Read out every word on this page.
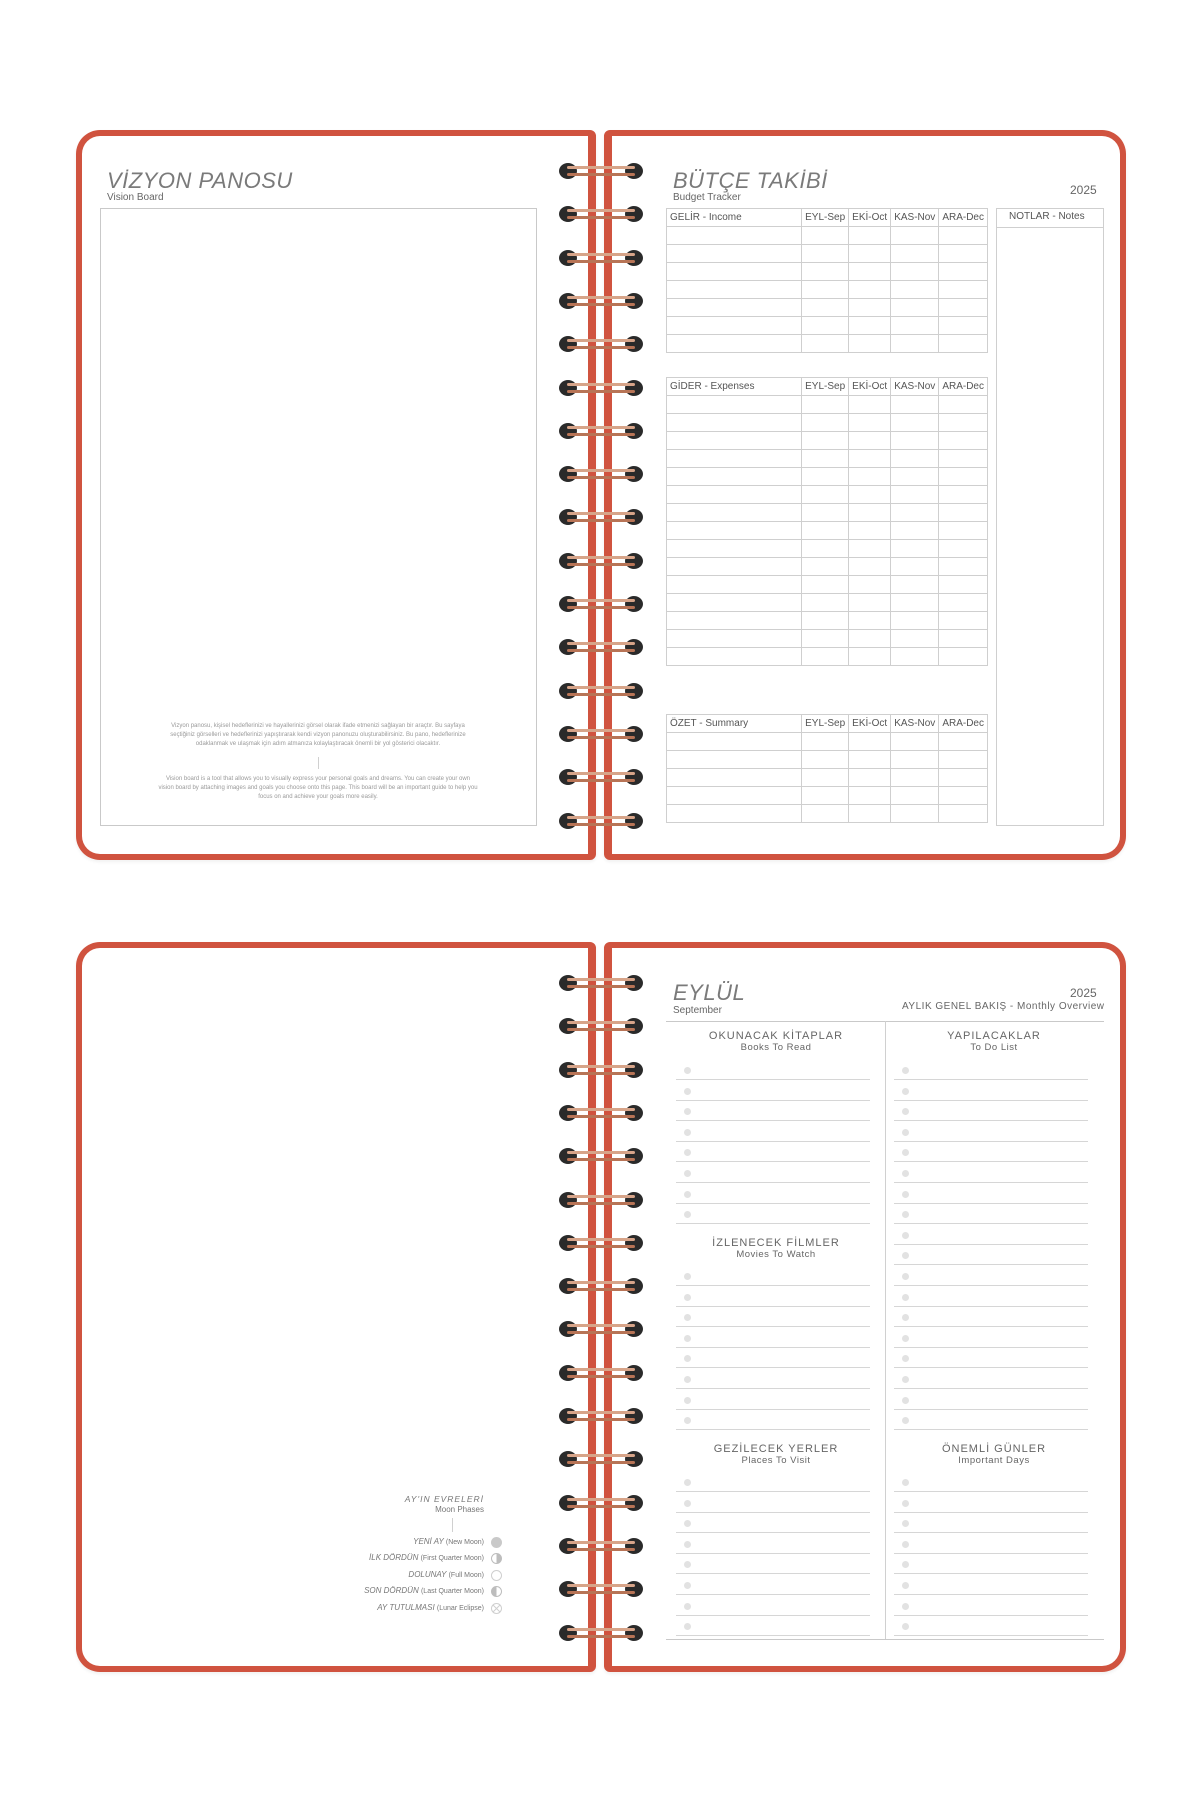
VİZYON PANOSU
Vision Board
Vizyon panosu, kişisel hedeflerinizi ve hayallerinizi görsel olarak ifade etmenizi sağlayan bir araçtır. Bu sayfaya seçtiğiniz görselleri ve hedeflerinizi yapıştırarak kendi vizyon panonuzu oluşturabilirsiniz. Bu pano, hedeflerinize odaklanmak ve ulaşmak için adım atmanıza kolaylaştıracak önemli bir yol gösterici olacaktır.
Vision board is a tool that allows you to visually express your personal goals and dreams. You can create your own vision board by attaching images and goals you choose onto this page. This board will be an important guide to help you focus on and achieve your goals more easily.
BÜTÇE TAKİBİ
Budget Tracker
2025
GELİR - Income	EYL-Sep	EKİ-Oct	KAS-Nov	ARA-Dec

GİDER - Expenses	EYL-Sep	EKİ-Oct	KAS-Nov	ARA-Dec

ÖZET - Summary	EYL-Sep	EKİ-Oct	KAS-Nov	ARA-Dec

NOTLAR - Notes
AY'IN EVRELERİ
Moon Phases
YENİ AY (New Moon)
İLK DÖRDÜN (First Quarter Moon)
DOLUNAY (Full Moon)
SON DÖRDÜN (Last Quarter Moon)
AY TUTULMASI (Lunar Eclipse)
EYLÜL
September
2025
AYLIK GENEL BAKIŞ - Monthly Overview
OKUNACAK KİTAPLAR
Books To Read
YAPILACAKLAR
To Do List
İZLENECEK FİLMLER
Movies To Watch
GEZİLECEK YERLER
Places To Visit
ÖNEMLİ GÜNLER
Important Days
